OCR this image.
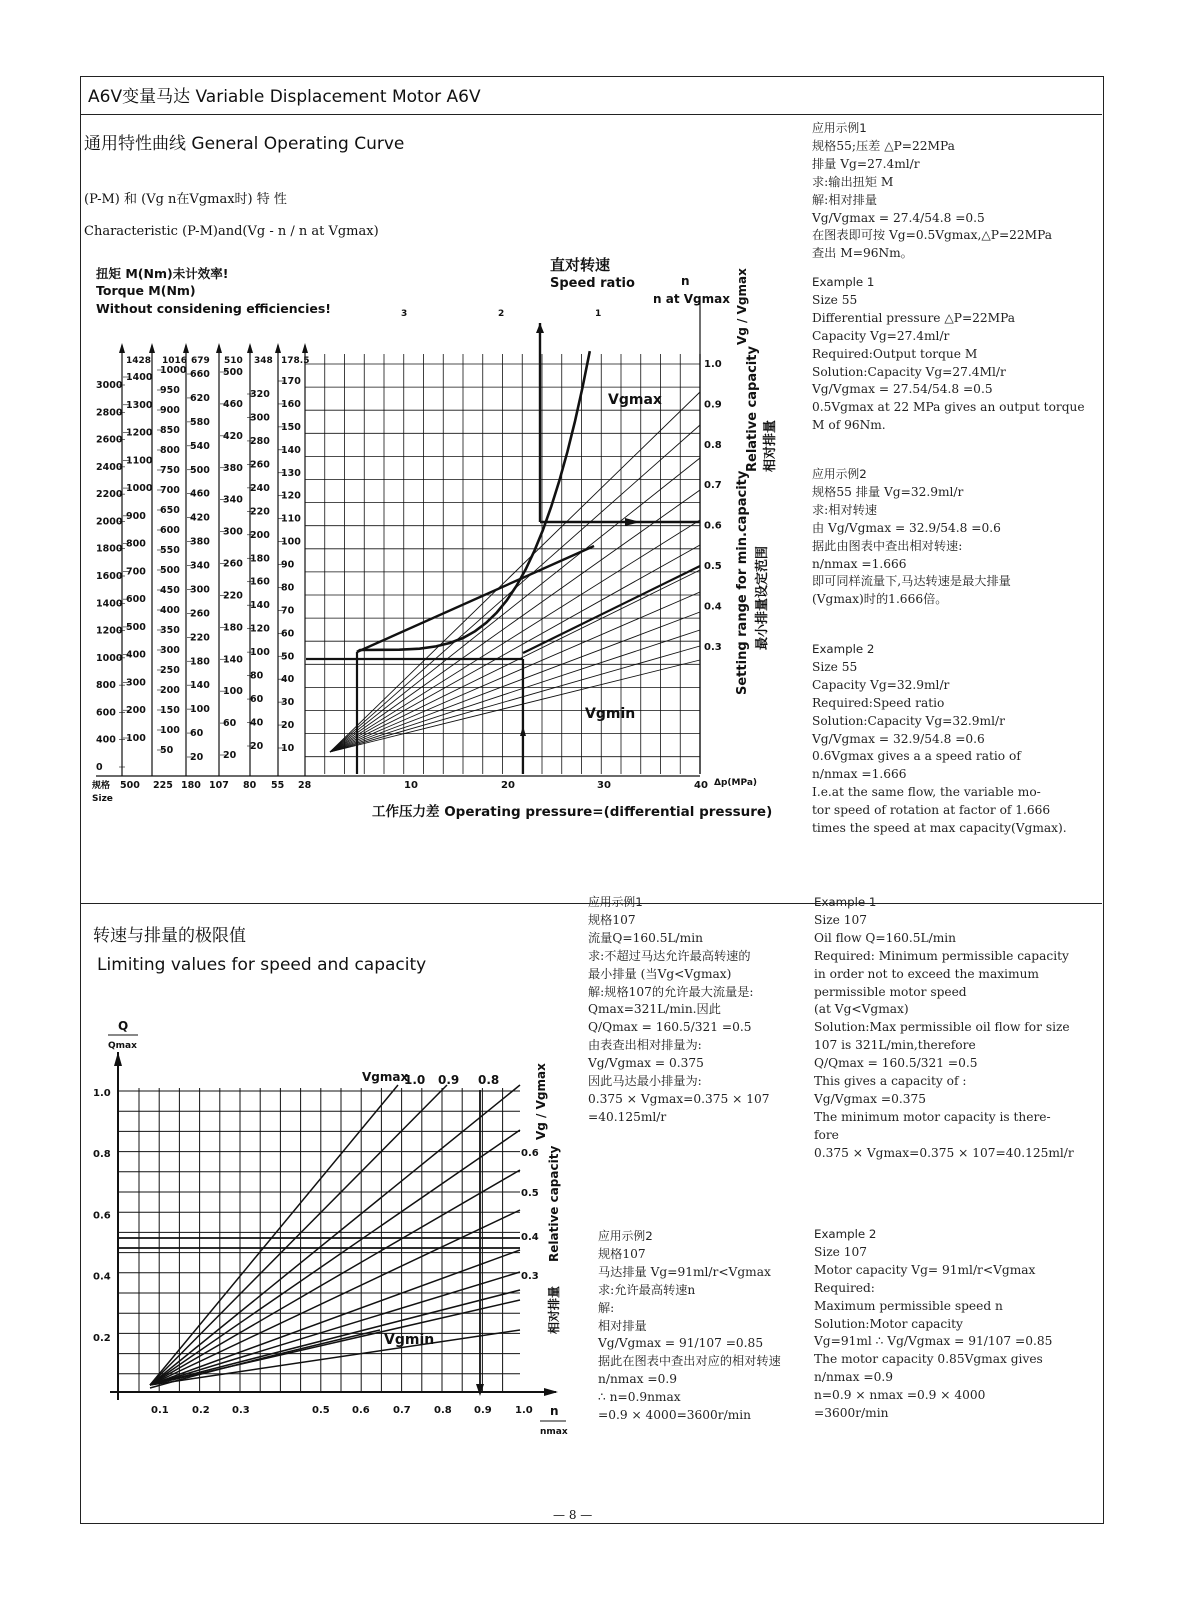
A6V变量马达 Variable Displacement Motor A6V
通用特性曲线 General Operating Curve
(P-M) 和 (Vg n在Vgmax时) 特 性
Characteristic (P-M)and(Vg - n / n at Vgmax)
扭矩 M(Nm)未计效率!
Torque M(Nm)
Without considening efficiencies!
直对转速
Speed ratio	n
n at Vgmax
工作压力差 Operating pressure=(differential pressure)
1428 1016 679 510 348 178.5
3000
2800
2600
2400
2200
2000
1800
1600
1400
1200
1000
800
600
400
0
1400
1300
1200
1100
1000
900
800
700
600
500
400
300
200
100
1000
950
900
850
800
750
700
650
600
550
500
450
400
350
300
250
200
150
100
50
660
620
580
540
500
460
420
380
340
300
260
220
180
140
100
60
20
500
460
420
380
340
300
260
220
180
140
100
60
20
320
300
280
260
240
220
200
180
160
140
120
100
80
60
40
20
170
160
150
140
130
120
110
100
90
80
70
60
50
40
30
20
10
规格
Size
500 225 180 107 80 55 28	10	20	30	40 Δp(MPa)
3	2	1
1.0
0.9
0.8
0.7
0.6
0.5
0.4
0.3
Relative capacity 相对排量
Setting range for min.capacity 最小排量设定范围
Vg / Vgmax
Vgmax
Vgmin
1.0
0.8
0.6
0.4
0.2
0.1 0.2 0.3	0.5 0.6 0.7 0.8 0.9 1.0
Q
Qmax
n
nmax
Vgmax
1.0 0.9 0.8
0.6
0.5
0.4
0.3
Vgmin
Vg / Vgmax
Relative capacity
相对排量
应用示例1
规格55;压差 △P=22MPa
排量 Vg=27.4ml/r
求:输出扭矩 M
解:相对排量
Vg/Vgmax = 27.4/54.8 =0.5
在图表即可按 Vg=0.5Vgmax,△P=22MPa
查出 M=96Nm。
Example 1
Size 55
Differential pressure △P=22MPa
Capacity Vg=27.4ml/r
Required:Output torque M
Solution:Capacity Vg=27.4Ml/r
Vg/Vgmax = 27.54/54.8 =0.5
0.5Vgmax at 22 MPa gives an output torque
M of 96Nm.
应用示例2
规格55 排量 Vg=32.9ml/r
求:相对转速
由 Vg/Vgmax = 32.9/54.8 =0.6
据此由图表中查出相对转速:
n/nmax =1.666
即可同样流量下,马达转速是最大排量
(Vgmax)时的1.666倍。
Example 2
Size 55
Capacity Vg=32.9ml/r
Required:Speed ratio
Solution:Capacity Vg=32.9ml/r
Vg/Vgmax = 32.9/54.8 =0.6
0.6Vgmax gives a a speed ratio of
n/nmax =1.666
I.e.at the same flow, the variable mo-
tor speed of rotation at factor of 1.666
times the speed at max capacity(Vgmax).
转速与排量的极限值
Limiting values for speed and capacity
应用示例1
规格107
流量Q=160.5L/min
求:不超过马达允许最高转速的
最小排量 (当Vg<Vgmax)
解:规格107的允许最大流量是:
Qmax=321L/min.因此
Q/Qmax = 160.5/321 =0.5
由表查出相对排量为:
Vg/Vgmax = 0.375
因此马达最小排量为:
0.375 × Vgmax=0.375 × 107
=40.125ml/r
Example 1
Size 107
Oil flow Q=160.5L/min
Required: Minimum permissible capacity
in order not to exceed the maximum
permissible motor speed
(at Vg<Vgmax)
Solution:Max permissible oil flow for size
107 is 321L/min,therefore
Q/Qmax = 160.5/321 =0.5
This gives a capacity of :
Vg/Vgmax =0.375
The minimum motor capacity is there-
fore
0.375 × Vgmax=0.375 × 107=40.125ml/r
应用示例2
规格107
马达排量 Vg=91ml/r<Vgmax
求:允许最高转速n
解:
相对排量
Vg/Vgmax = 91/107 =0.85
据此在图表中查出对应的相对转速
n/nmax =0.9
∴ n=0.9nmax
=0.9 × 4000=3600r/min
Example 2
Size 107
Motor capacity Vg= 91ml/r<Vgmax
Required:
Maximum permissible speed n
Solution:Motor capacity
Vg=91ml ∴ Vg/Vgmax = 91/107 =0.85
The motor capacity 0.85Vgmax gives
n/nmax =0.9
n=0.9 × nmax =0.9 × 4000
=3600r/min
— 8 —
